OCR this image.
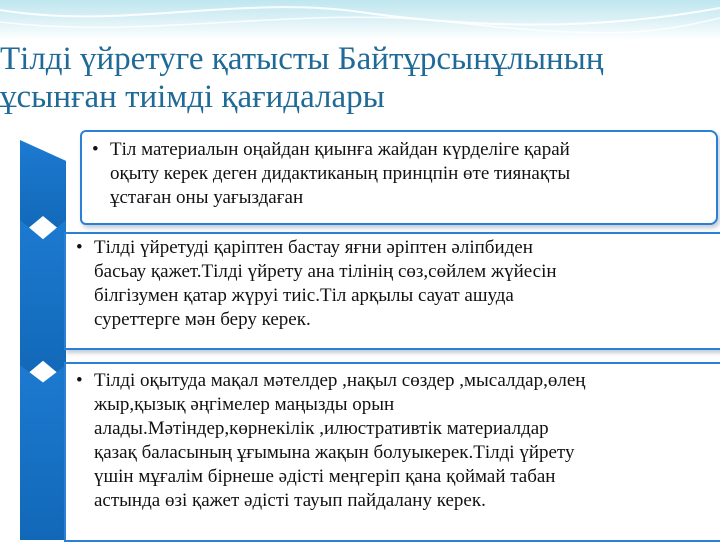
Тілді үйретуге қатысты Байтұрсынұлының
ұсынған тиімді қағидалары
• Тіл материалын оңайдан қиынға жайдан күрделіге қарай
оқыту керек деген дидактиканың принцпін өте тиянақты
ұстаған оны уағыздаған
• Тілді үйретуді қаріптен бастау яғни әріптен әліпбиден
басьау қажет.Тілді үйрету ана тілінің сөз,сөйлем жүйесін
білгізумен қатар жүруі тиіс.Тіл арқылы сауат ашуда
суреттерге мән беру керек.
• Тілді оқытуда мақал мәтелдер ,нақыл сөздер ,мысалдар,өлең
жыр,қызық әңгімелер маңызды орын
алады.Мәтіндер,көрнекілік ,илюстративтік материалдар
қазақ баласының ұғымына жақын болуыкерек.Тілді үйрету
үшін мұғалім бірнеше әдісті меңгеріп қана қоймай табан
астында өзі қажет әдісті тауып пайдалану керек.
